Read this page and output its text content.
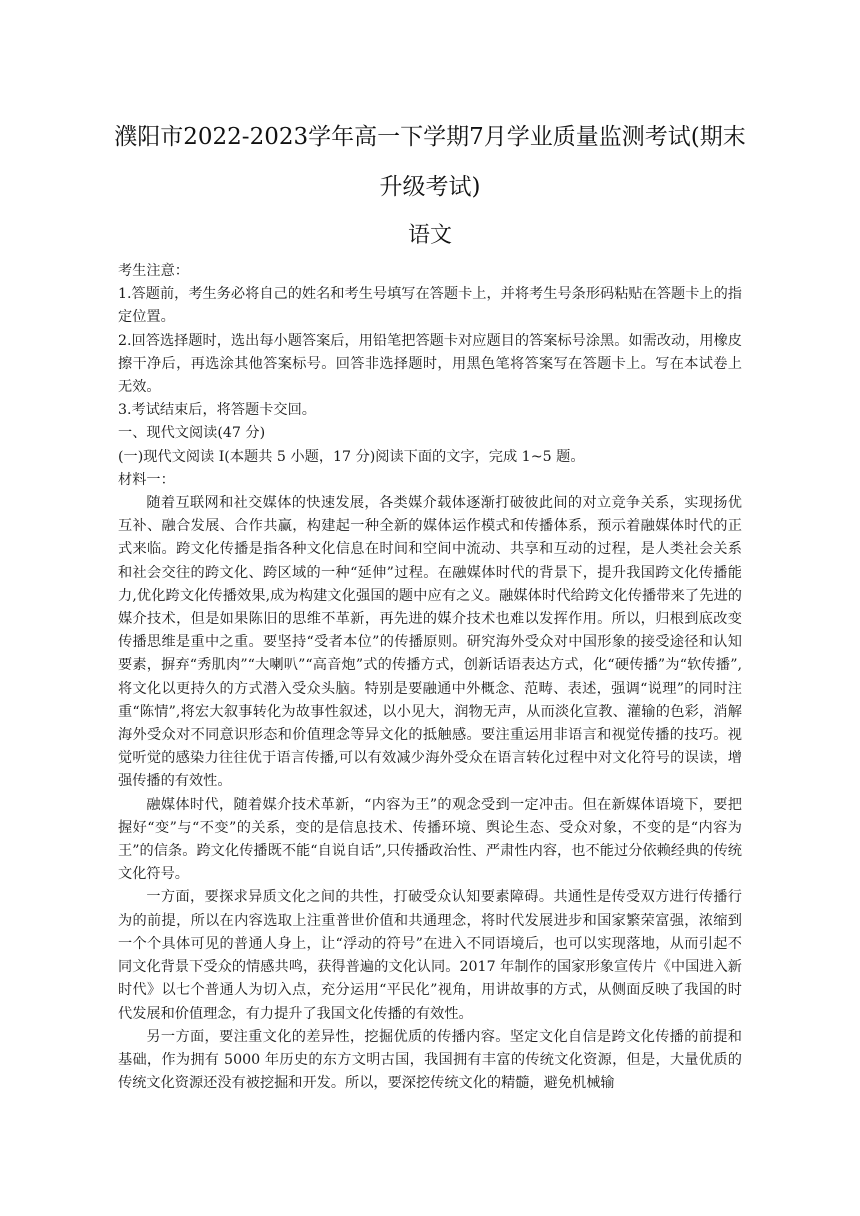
濮阳市2022-2023学年高一下学期7月学业质量监测考试(期末升级考试)
语文

考生注意：

1.答题前，考生务必将自己的姓名和考生号填写在答题卡上，并将考生号条形码粘贴在答题卡上的指定位置。

2.回答选择题时，选出每小题答案后，用铅笔把答题卡对应题目的答案标号涂黑。如需改动，用橡皮擦干净后，再选涂其他答案标号。回答非选择题时，用黑色笔将答案写在答题卡上。写在本试卷上无效。

3.考试结束后，将答题卡交回。

一、现代文阅读(47 分)

(一)现代文阅读 I(本题共 5 小题，17 分)阅读下面的文字，完成 1~5 题。

材料一：

随着互联网和社交媒体的快速发展，各类媒介载体逐渐打破彼此间的对立竞争关系，实现扬优互补、融合发展、合作共赢，构建起一种全新的媒体运作模式和传播体系，预示着融媒体时代的正式来临。跨文化传播是指各种文化信息在时间和空间中流动、共享和互动的过程，是人类社会关系和社会交往的跨文化、跨区域的一种“延伸”过程。在融媒体时代的背景下，提升我国跨文化传播能力,优化跨文化传播效果,成为构建文化强国的题中应有之义。融媒体时代给跨文化传播带来了先进的媒介技术，但是如果陈旧的思维不革新，再先进的媒介技术也难以发挥作用。所以，归根到底改变传播思维是重中之重。要坚持“受者本位”的传播原则。研究海外受众对中国形象的接受途径和认知要素，摒弃“秀肌肉”“大喇叭”“高音炮”式的传播方式，创新话语表达方式，化“硬传播”为“软传播”,将文化以更持久的方式潜入受众头脑。特别是要融通中外概念、范畴、表述，强调“说理”的同时注重“陈情”,将宏大叙事转化为故事性叙述，以小见大，润物无声，从而淡化宣教、灌输的色彩，消解海外受众对不同意识形态和价值理念等异文化的抵触感。要注重运用非语言和视觉传播的技巧。视觉听觉的感染力往往优于语言传播,可以有效减少海外受众在语言转化过程中对文化符号的误读，增强传播的有效性。

融媒体时代，随着媒介技术革新，“内容为王”的观念受到一定冲击。但在新媒体语境下，要把握好“变”与“不变”的关系，变的是信息技术、传播环境、舆论生态、受众对象，不变的是“内容为王”的信条。跨文化传播既不能“自说自话”,只传播政治性、严肃性内容，也不能过分依赖经典的传统文化符号。

一方面，要探求异质文化之间的共性，打破受众认知要素障碍。共通性是传受双方进行传播行为的前提，所以在内容选取上注重普世价值和共通理念，将时代发展进步和国家繁荣富强，浓缩到一个个具体可见的普通人身上，让“浮动的符号”在进入不同语境后，也可以实现落地，从而引起不同文化背景下受众的情感共鸣，获得普遍的文化认同。2017 年制作的国家形象宣传片《中国进入新时代》以七个普通人为切入点，充分运用“平民化”视角，用讲故事的方式，从侧面反映了我国的时代发展和价值理念，有力提升了我国文化传播的有效性。

另一方面，要注重文化的差异性，挖掘优质的传播内容。坚定文化自信是跨文化传播的前提和基础，作为拥有 5000 年历史的东方文明古国，我国拥有丰富的传统文化资源，但是，大量优质的传统文化资源还没有被挖掘和开发。所以，要深挖传统文化的精髓，避免机械输
